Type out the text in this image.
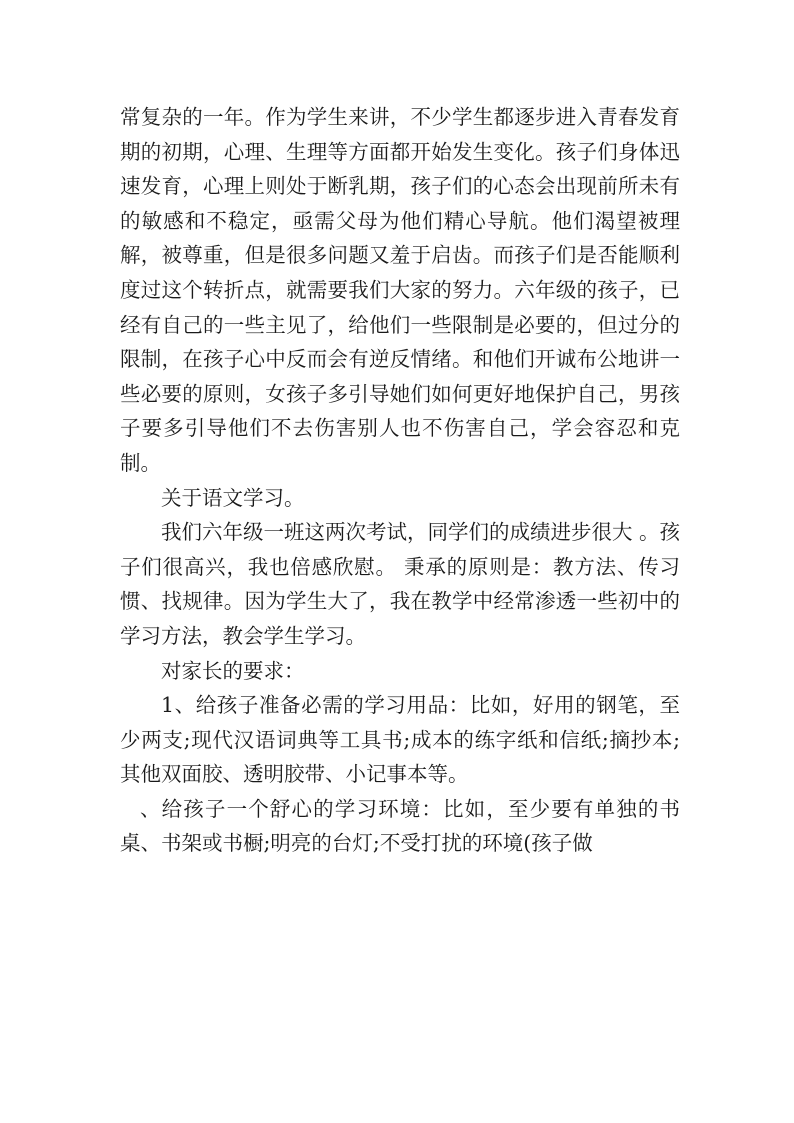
常复杂的一年。作为学生来讲，不少学生都逐步进入青春发育期的初期，心理、生理等方面都开始发生变化。孩子们身体迅速发育，心理上则处于断乳期，孩子们的心态会出现前所未有的敏感和不稳定，亟需父母为他们精心导航。他们渴望被理解，被尊重，但是很多问题又羞于启齿。而孩子们是否能顺利度过这个转折点，就需要我们大家的努力。六年级的孩子，已经有自己的一些主见了，给他们一些限制是必要的，但过分的限制，在孩子心中反而会有逆反情绪。和他们开诚布公地讲一些必要的原则，女孩子多引导她们如何更好地保护自己，男孩子要多引导他们不去伤害别人也不伤害自己，学会容忍和克制。

关于语文学习。

我们六年级一班这两次考试，同学们的成绩进步很大 。孩子们很高兴，我也倍感欣慰。 秉承的原则是：教方法、传习惯、找规律。因为学生大了，我在教学中经常渗透一些初中的学习方法，教会学生学习。

对家长的要求：

1、给孩子准备必需的学习用品：比如，好用的钢笔，至少两支;现代汉语词典等工具书;成本的练字纸和信纸;摘抄本;其他双面胶、透明胶带、小记事本等。

、给孩子一个舒心的学习环境：比如，至少要有单独的书桌、书架或书橱;明亮的台灯;不受打扰的环境(孩子做
